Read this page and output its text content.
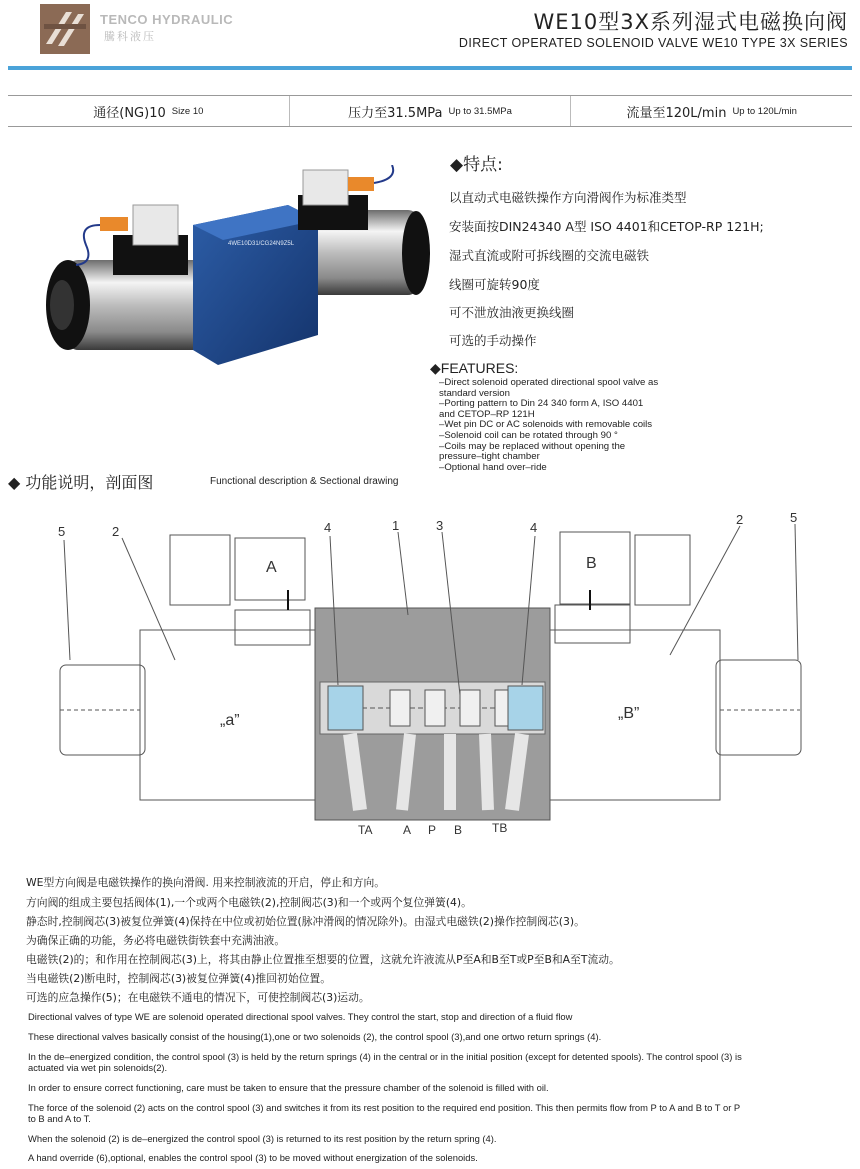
TENCO HYDRAULIC
騰科液压
WE10型3X系列湿式电磁换向阀
DIRECT OPERATED SOLENOID VALVE WE10 TYPE 3X SERIES
通径(NG)10 Size 10	压力至31.5MPa Up to 31.5MPa	流量至120L/min Up to 120L/min
4WE10D31/CG24N9Z5L
◆特点:
以直动式电磁铁操作方向滑阀作为标准类型
安装面按DIN24340 A型 ISO 4401和CETOP-RP 121H;
湿式直流或附可拆线圈的交流电磁铁
线圈可旋转90度
可不泄放油液更换线圈
可选的手动操作
◆FEATURES:
–Direct solenoid operated directional spool valve as
standard version
–Porting pattern to Din 24 340 form A, ISO 4401
and CETOP–RP 121H
–Wet pin DC or AC solenoids with removable coils
–Solenoid coil can be rotated through 90 °
–Coils may be replaced without opening the
pressure–tight chamber
–Optional hand over–ride
◆ 功能说明，剖面图	Functional description & Sectional drawing
5	2	4	1	3	4
2	5
A	B
„a”	„B”
TA	A P B TB
WE型方向阀是电磁铁操作的换向滑阀. 用来控制液流的开启，停止和方向。
方向阀的组成主要包括阀体(1),一个或两个电磁铁(2),控制阀芯(3)和一个或两个复位弹簧(4)。
静态时,控制阀芯(3)被复位弹簧(4)保持在中位或初始位置(脉冲滑阀的情况除外)。由湿式电磁铁(2)操作控制阀芯(3)。
为确保正确的功能，务必将电磁铁街铁套中充满油液。
电磁铁(2)的；和作用在控制阀芯(3)上，将其由静止位置推至想要的位置，这就允许液流从P至A和B至T或P至B和A至T流动。
当电磁铁(2)断电时，控制阀芯(3)被复位弹簧(4)推回初始位置。
可选的应急操作(5)；在电磁铁不通电的情况下，可使控制阀芯(3)运动。
Directional valves of type WE are solenoid operated directional spool valves. They control the start, stop and direction of a fluid flow
These directional valves basically consist of the housing(1),one or two solenoids (2), the control spool (3),and one ortwo return springs (4).
In the de–energized condition, the control spool (3) is held by the return springs (4) in the central or in the initial position (except for detented spools). The control spool (3) is actuated via wet pin solenoids(2).
In order to ensure correct functioning, care must be taken to ensure that the pressure chamber of the solenoid is filled with oil.
The force of the solenoid (2) acts on the control spool (3) and switches it from its rest position to the required end position. This then permits flow from P to A and B to T or P to B and A to T.
When the solenoid (2) is de–energized the control spool (3) is returned to its rest position by the return spring (4).
A hand override (6),optional, enables the control spool (3) to be moved without energization of the solenoids.
